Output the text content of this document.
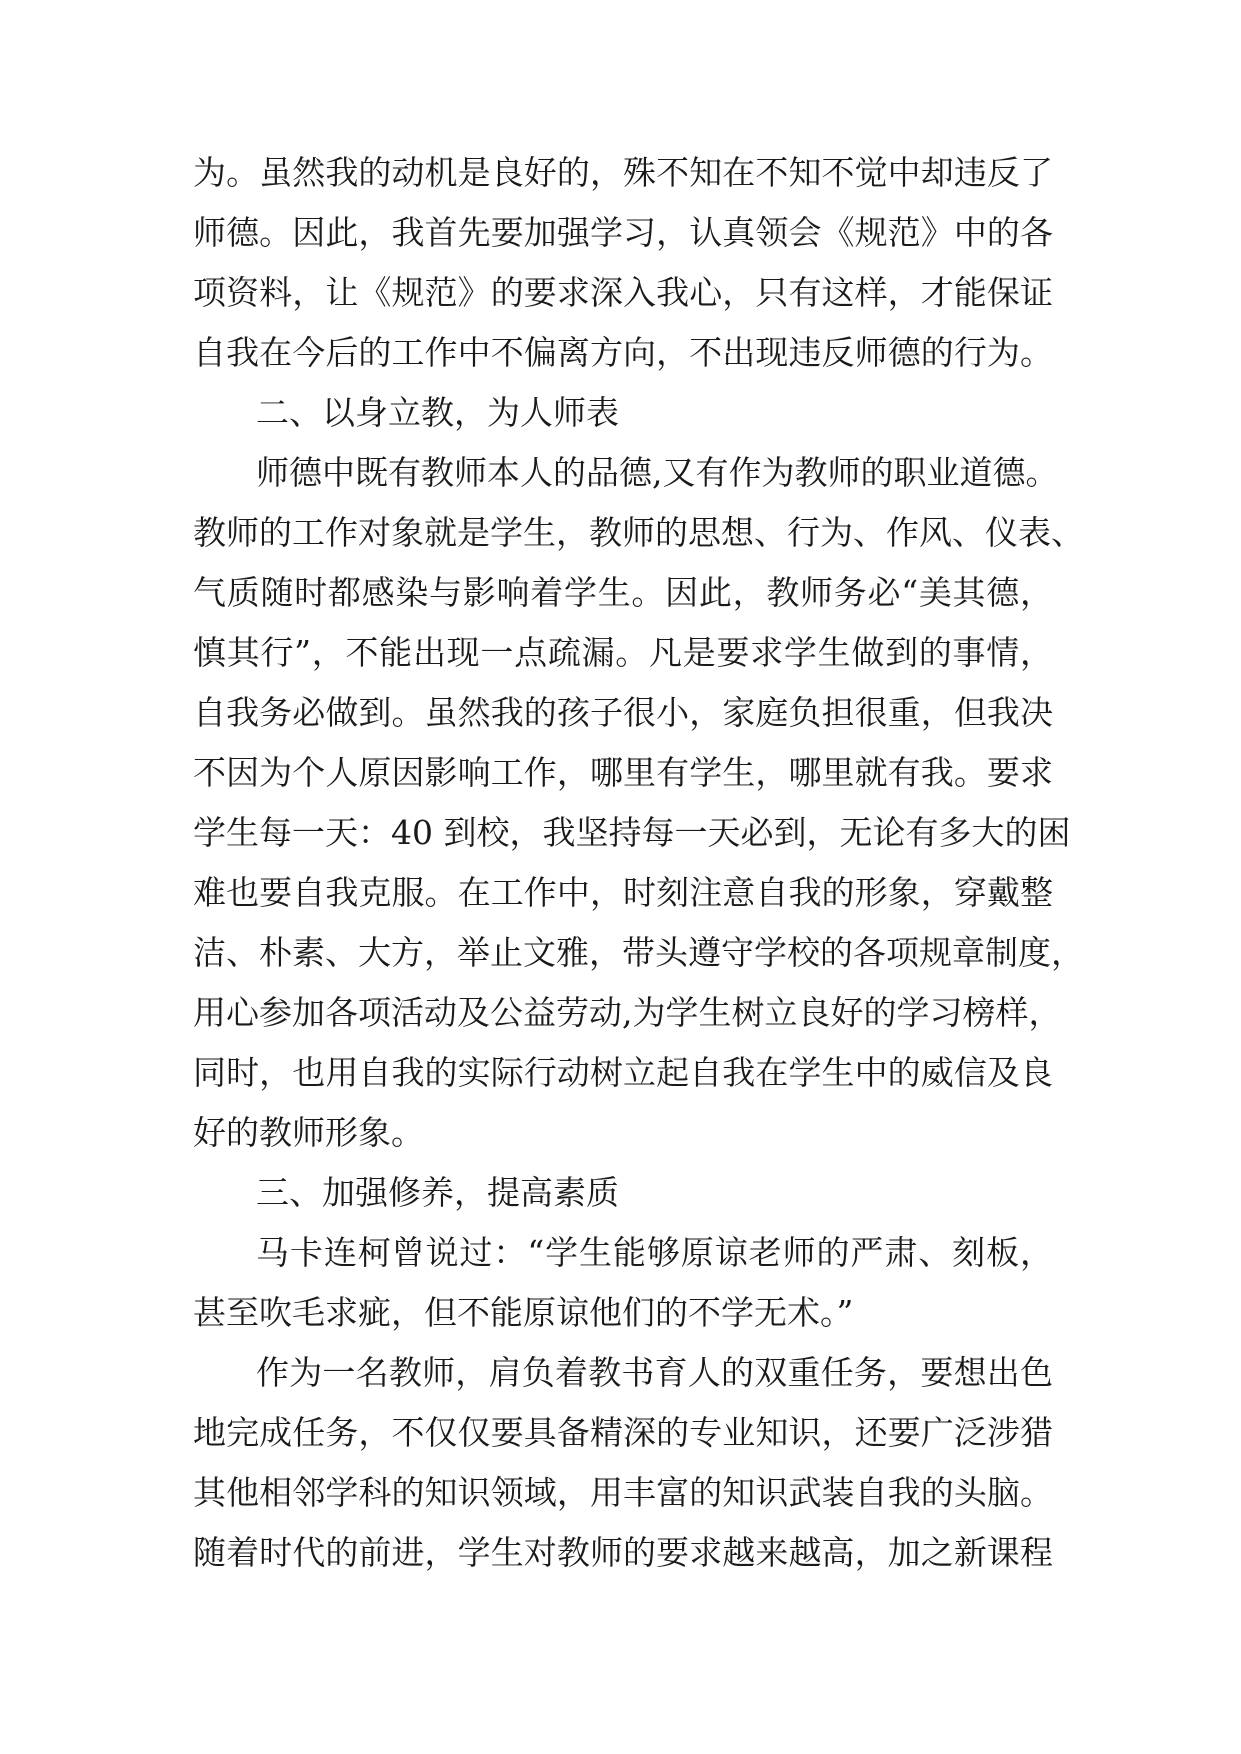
为。虽然我的动机是良好的，殊不知在不知不觉中却违反了
师德。因此，我首先要加强学习，认真领会《规范》中的各
项资料，让《规范》的要求深入我心，只有这样，才能保证
自我在今后的工作中不偏离方向，不出现违反师德的行为。
二、以身立教，为人师表
师德中既有教师本人的品德,又有作为教师的职业道德。
教师的工作对象就是学生，教师的思想、行为、作风、仪表、
气质随时都感染与影响着学生。因此，教师务必“美其德，
慎其行”，不能出现一点疏漏。凡是要求学生做到的事情，
自我务必做到。虽然我的孩子很小，家庭负担很重，但我决
不因为个人原因影响工作，哪里有学生，哪里就有我。要求
学生每一天：40 到校，我坚持每一天必到，无论有多大的困
难也要自我克服。在工作中，时刻注意自我的形象，穿戴整
洁、朴素、大方，举止文雅，带头遵守学校的各项规章制度，
用心参加各项活动及公益劳动,为学生树立良好的学习榜样，
同时，也用自我的实际行动树立起自我在学生中的威信及良
好的教师形象。
三、加强修养，提高素质
马卡连柯曾说过：“学生能够原谅老师的严肃、刻板，
甚至吹毛求疵，但不能原谅他们的不学无术。”
作为一名教师，肩负着教书育人的双重任务，要想出色
地完成任务，不仅仅要具备精深的专业知识，还要广泛涉猎
其他相邻学科的知识领域，用丰富的知识武装自我的头脑。
随着时代的前进，学生对教师的要求越来越高，加之新课程
